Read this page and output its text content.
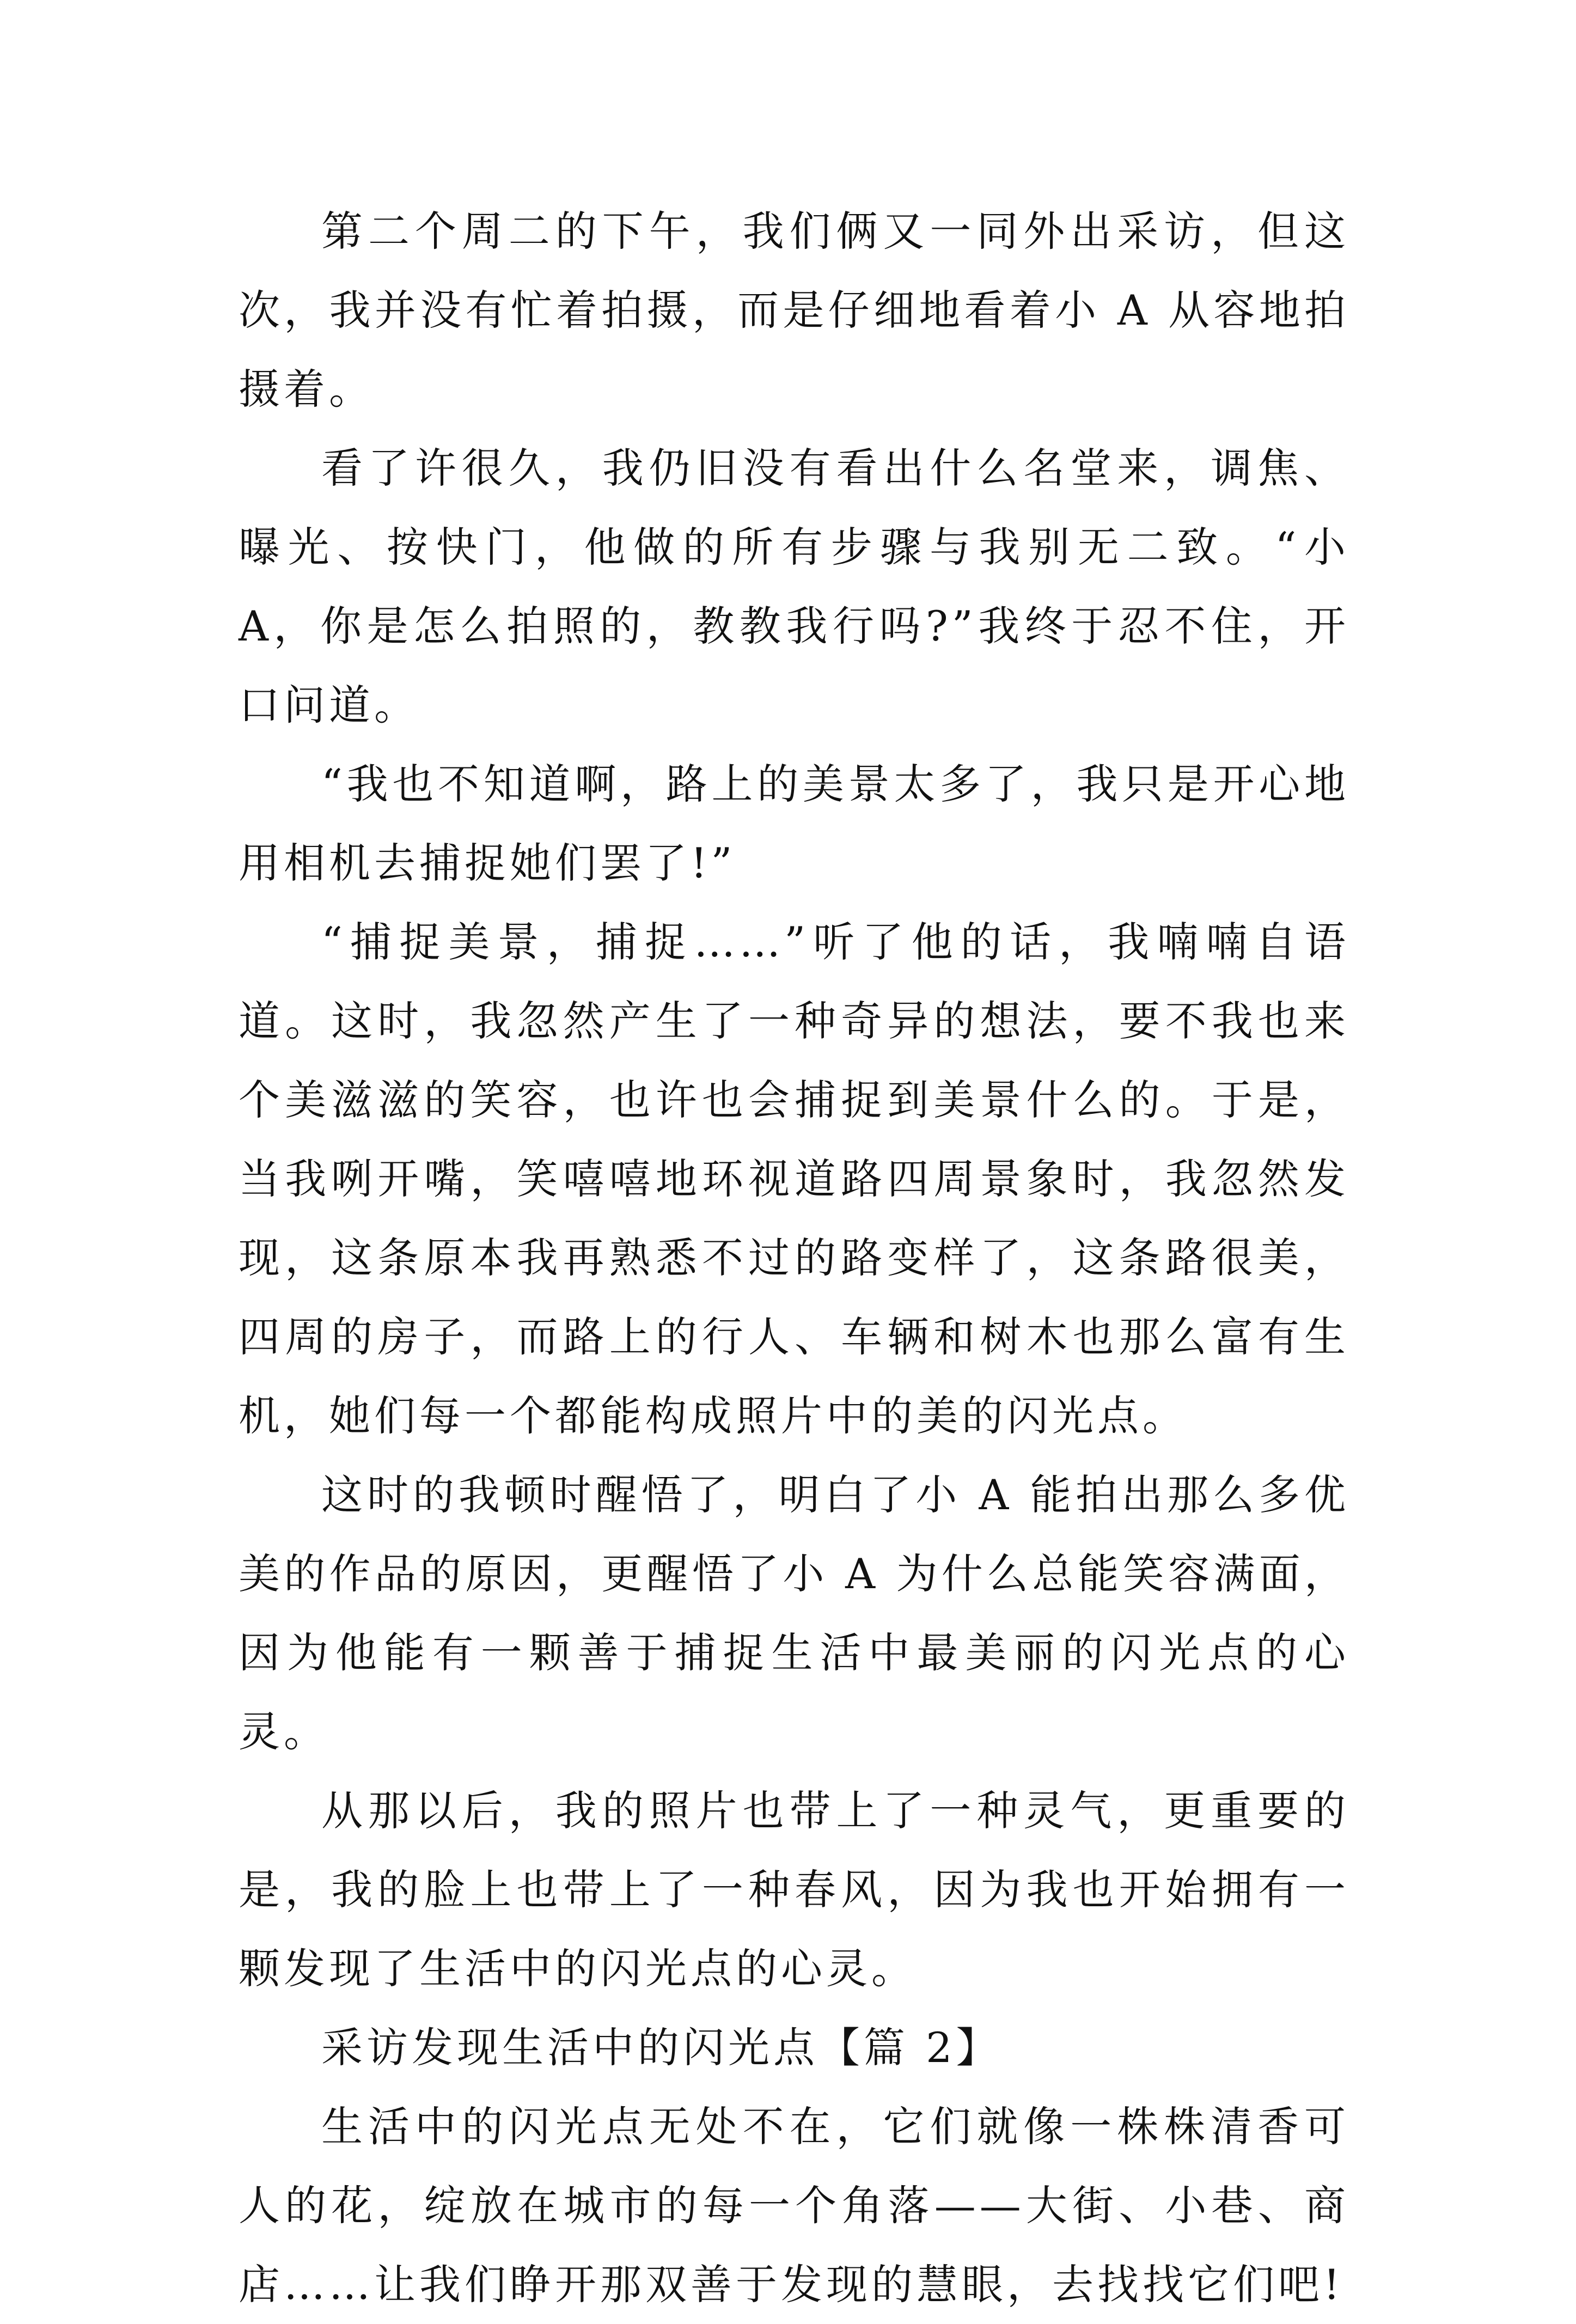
第二个周二的下午，我们俩又一同外出采访，但这次，我并没有忙着拍摄，而是仔细地看着小 A 从容地拍摄着。

看了许很久，我仍旧没有看出什么名堂来，调焦、曝光、按快门，他做的所有步骤与我别无二致。“小 A，你是怎么拍照的，教教我行吗?”我终于忍不住，开口问道。

“我也不知道啊，路上的美景太多了，我只是开心地用相机去捕捉她们罢了!”

“捕捉美景，捕捉……”听了他的话，我喃喃自语道。这时，我忽然产生了一种奇异的想法，要不我也来个美滋滋的笑容，也许也会捕捉到美景什么的。于是，当我咧开嘴，笑嘻嘻地环视道路四周景象时，我忽然发现，这条原本我再熟悉不过的路变样了，这条路很美，四周的房子，而路上的行人、车辆和树木也那么富有生机，她们每一个都能构成照片中的美的闪光点。

这时的我顿时醒悟了，明白了小 A 能拍出那么多优美的作品的原因，更醒悟了小 A 为什么总能笑容满面，因为他能有一颗善于捕捉生活中最美丽的闪光点的心灵。

从那以后，我的照片也带上了一种灵气，更重要的是，我的脸上也带上了一种春风，因为我也开始拥有一颗发现了生活中的闪光点的心灵。

采访发现生活中的闪光点【篇 2】

生活中的闪光点无处不在，它们就像一株株清香可人的花，绽放在城市的每一个角落——大街、小巷、商店……让我们睁开那双善于发现的慧眼，去找找它们吧!
